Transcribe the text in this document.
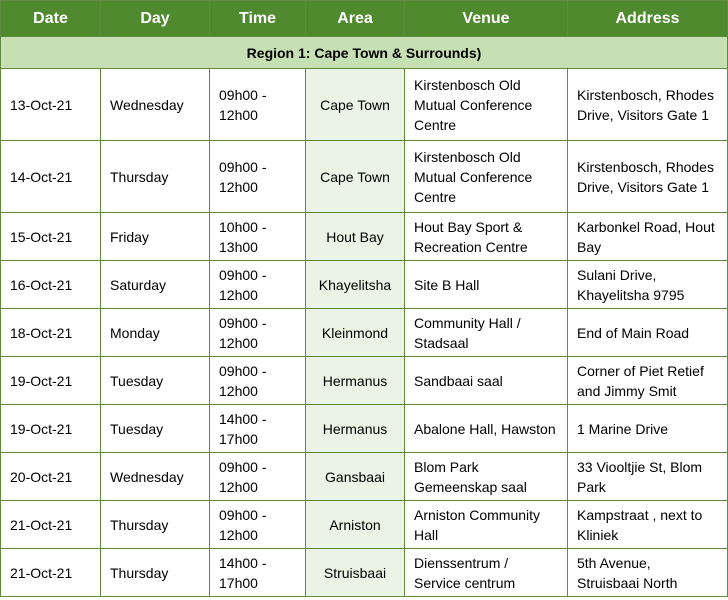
Date	Day	Time	Area	Venue	Address
Region 1: Cape Town & Surrounds)					
13-Oct-21	Wednesday	09h00 -
12h00	Cape Town	Kirstenbosch Old
Mutual Conference
Centre	Kirstenbosch, Rhodes
Drive, Visitors Gate 1
14-Oct-21	Thursday	09h00 -
12h00	Cape Town	Kirstenbosch Old
Mutual Conference
Centre	Kirstenbosch, Rhodes
Drive, Visitors Gate 1
15-Oct-21	Friday	10h00 -
13h00	Hout Bay	Hout Bay Sport &
Recreation Centre	Karbonkel Road, Hout
Bay
16-Oct-21	Saturday	09h00 -
12h00	Khayelitsha	Site B Hall	Sulani Drive,
Khayelitsha 9795
18-Oct-21	Monday	09h00 -
12h00	Kleinmond	Community Hall /
Stadsaal	End of Main Road
19-Oct-21	Tuesday	09h00 -
12h00	Hermanus	Sandbaai saal	Corner of Piet Retief
and Jimmy Smit
19-Oct-21	Tuesday	14h00 -
17h00	Hermanus	Abalone Hall, Hawston	1 Marine Drive
20-Oct-21	Wednesday	09h00 -
12h00	Gansbaai	Blom Park
Gemeenskap saal	33 Viooltjie St, Blom
Park
21-Oct-21	Thursday	09h00 -
12h00	Arniston	Arniston Community
Hall	Kampstraat , next to
Kliniek
21-Oct-21	Thursday	14h00 -
17h00	Struisbaai	Dienssentrum /
Service centrum	5th Avenue,
Struisbaai North
